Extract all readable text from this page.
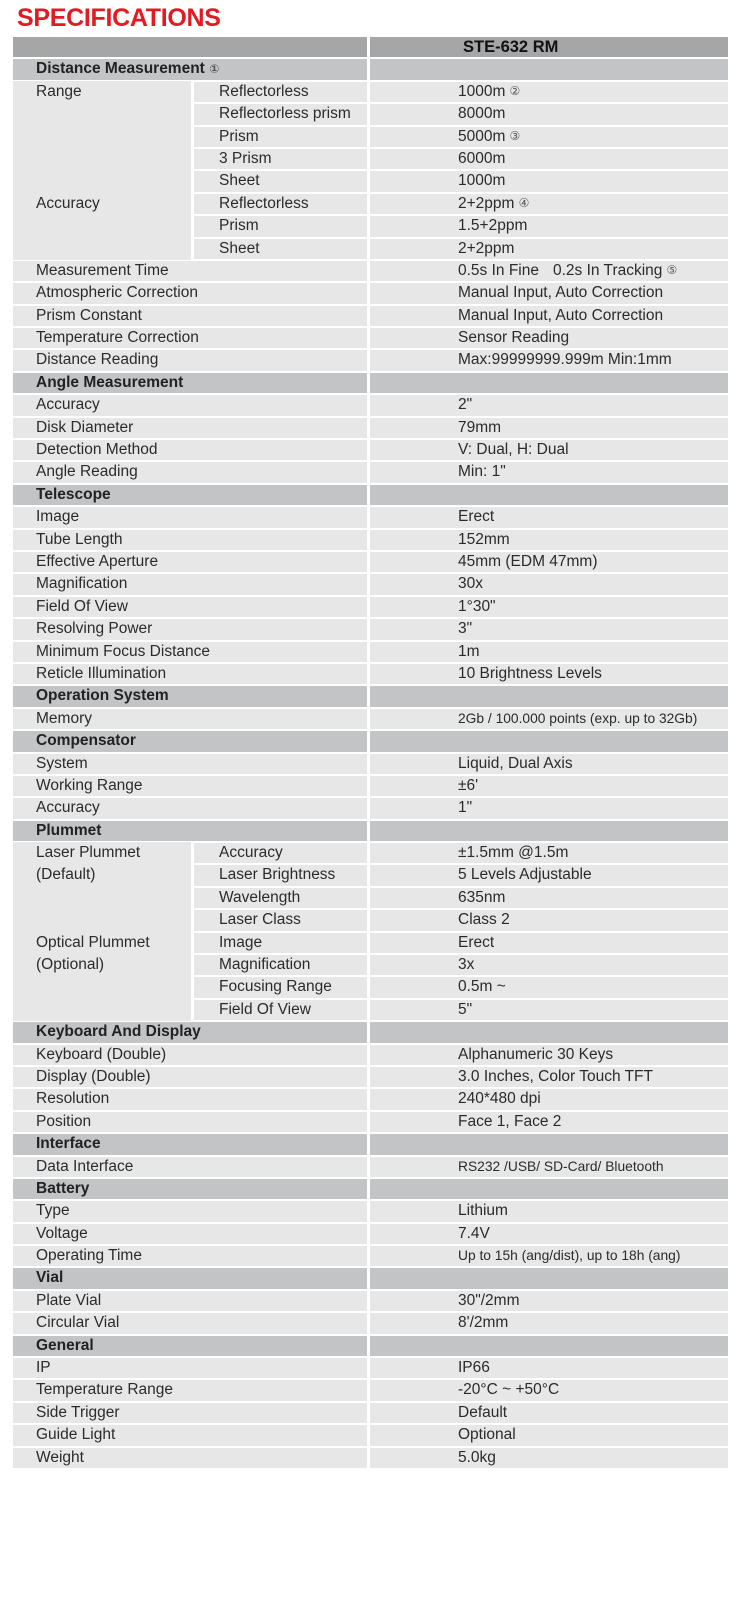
SPECIFICATIONS
STE-632 RM
Distance Measurement ①
Range	Reflectorless	1000m ②
Reflectorless prism	8000m
Prism	5000m ③
3 Prism	6000m
Sheet	1000m
Accuracy	Reflectorless	2+2ppm ④
Prism	1.5+2ppm
Sheet	2+2ppm
Measurement Time	0.5s In Fine 0.2s In Tracking ⑤
Atmospheric Correction	Manual Input, Auto Correction
Prism Constant	Manual Input, Auto Correction
Temperature Correction	Sensor Reading
Distance Reading	Max:99999999.999m Min:1mm
Angle Measurement
Accuracy	2"
Disk Diameter	79mm
Detection Method	V: Dual, H: Dual
Angle Reading	Min: 1"
Telescope
Image	Erect
Tube Length	152mm
Effective Aperture	45mm (EDM 47mm)
Magnification	30x
Field Of View	1°30"
Resolving Power	3"
Minimum Focus Distance	1m
Reticle Illumination	10 Brightness Levels
Operation System
Memory	2Gb / 100.000 points (exp. up to 32Gb)
Compensator
System	Liquid, Dual Axis
Working Range	±6'
Accuracy	1"
Plummet
Laser Plummet	Accuracy	±1.5mm @1.5m
(Default)	Laser Brightness	5 Levels Adjustable
Wavelength	635nm
Laser Class	Class 2
Optical Plummet	Image	Erect
(Optional)	Magnification	3x
Focusing Range	0.5m ~
Field Of View	5"
Keyboard And Display
Keyboard (Double)	Alphanumeric 30 Keys
Display (Double)	3.0 Inches, Color Touch TFT
Resolution	240*480 dpi
Position	Face 1, Face 2
Interface
Data Interface	RS232 /USB/ SD-Card/ Bluetooth
Battery
Type	Lithium
Voltage	7.4V
Operating Time	Up to 15h (ang/dist), up to 18h (ang)
Vial
Plate Vial	30"/2mm
Circular Vial	8'/2mm
General
IP	IP66
Temperature Range	-20°C ~ +50°C
Side Trigger	Default
Guide Light	Optional
Weight	5.0kg
